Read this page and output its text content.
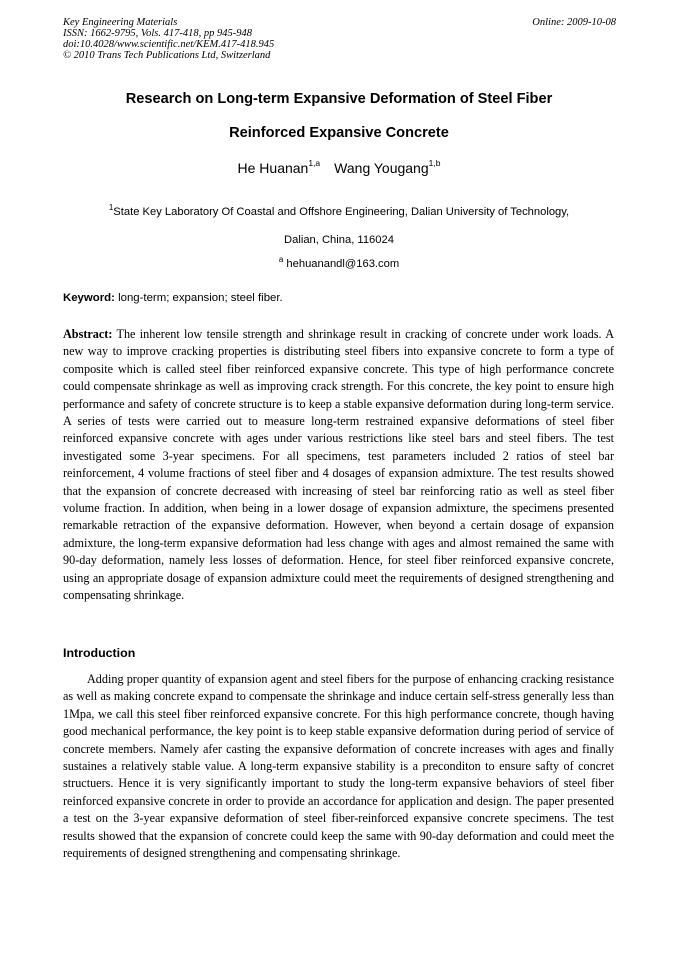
Key Engineering Materials
ISSN: 1662-9795, Vols. 417-418, pp 945-948
doi:10.4028/www.scientific.net/KEM.417-418.945
© 2010 Trans Tech Publications Ltd, Switzerland
Online: 2009-10-08
Research on Long-term Expansive Deformation of Steel Fiber
Reinforced Expansive Concrete
He Huanan$^{1,a}$ Wang Yougang$^{1,b}$
$^1$State Key Laboratory Of Coastal and Offshore Engineering, Dalian University of Technology,
Dalian, China, 116024
$^a$ hehuanandl@163.com
Keyword: long-term; expansion; steel fiber.

Abstract: The inherent low tensile strength and shrinkage result in cracking of concrete under work loads. A new way to improve cracking properties is distributing steel fibers into expansive concrete to form a type of composite which is called steel fiber reinforced expansive concrete. This type of high performance concrete could compensate shrinkage as well as improving crack strength. For this concrete, the key point to ensure high performance and safety of concrete structure is to keep a stable expansive deformation during long-term service. A series of tests were carried out to measure long-term restrained expansive deformations of steel fiber reinforced expansive concrete with ages under various restrictions like steel bars and steel fibers. The test investigated some 3-year specimens. For all specimens, test parameters included 2 ratios of steel bar reinforcement, 4 volume fractions of steel fiber and 4 dosages of expansion admixture. The test results showed that the expansion of concrete decreased with increasing of steel bar reinforcing ratio as well as steel fiber volume fraction. In addition, when being in a lower dosage of expansion admixture, the specimens presented remarkable retraction of the expansive deformation. However, when beyond a certain dosage of expansion admixture, the long-term expansive deformation had less change with ages and almost remained the same with 90-day deformation, namely less losses of deformation. Hence, for steel fiber reinforced expansive concrete, using an appropriate dosage of expansion admixture could meet the requirements of designed strengthening and compensating shrinkage.

Introduction

Adding proper quantity of expansion agent and steel fibers for the purpose of enhancing cracking resistance as well as making concrete expand to compensate the shrinkage and induce certain self-stress generally less than 1Mpa, we call this steel fiber reinforced expansive concrete. For this high performance concrete, though having good mechanical performance, the key point is to keep stable expansive deformation during period of service of concrete members. Namely afer casting the expansive deformation of concrete increases with ages and finally sustaines a relatively stable value. A long-term expansive stability is a preconditon to ensure safty of concret structuers. Hence it is very significantly important to study the long-term expansive behaviors of steel fiber reinforced expansive concrete in order to provide an accordance for application and design. The paper presented a test on the 3-year expansive deformation of steel fiber-reinforced expansive concrete specimens. The test results showed that the expansion of concrete could keep the same with 90-day deformation and could meet the requirements of designed strengthening and compensating shrinkage.
